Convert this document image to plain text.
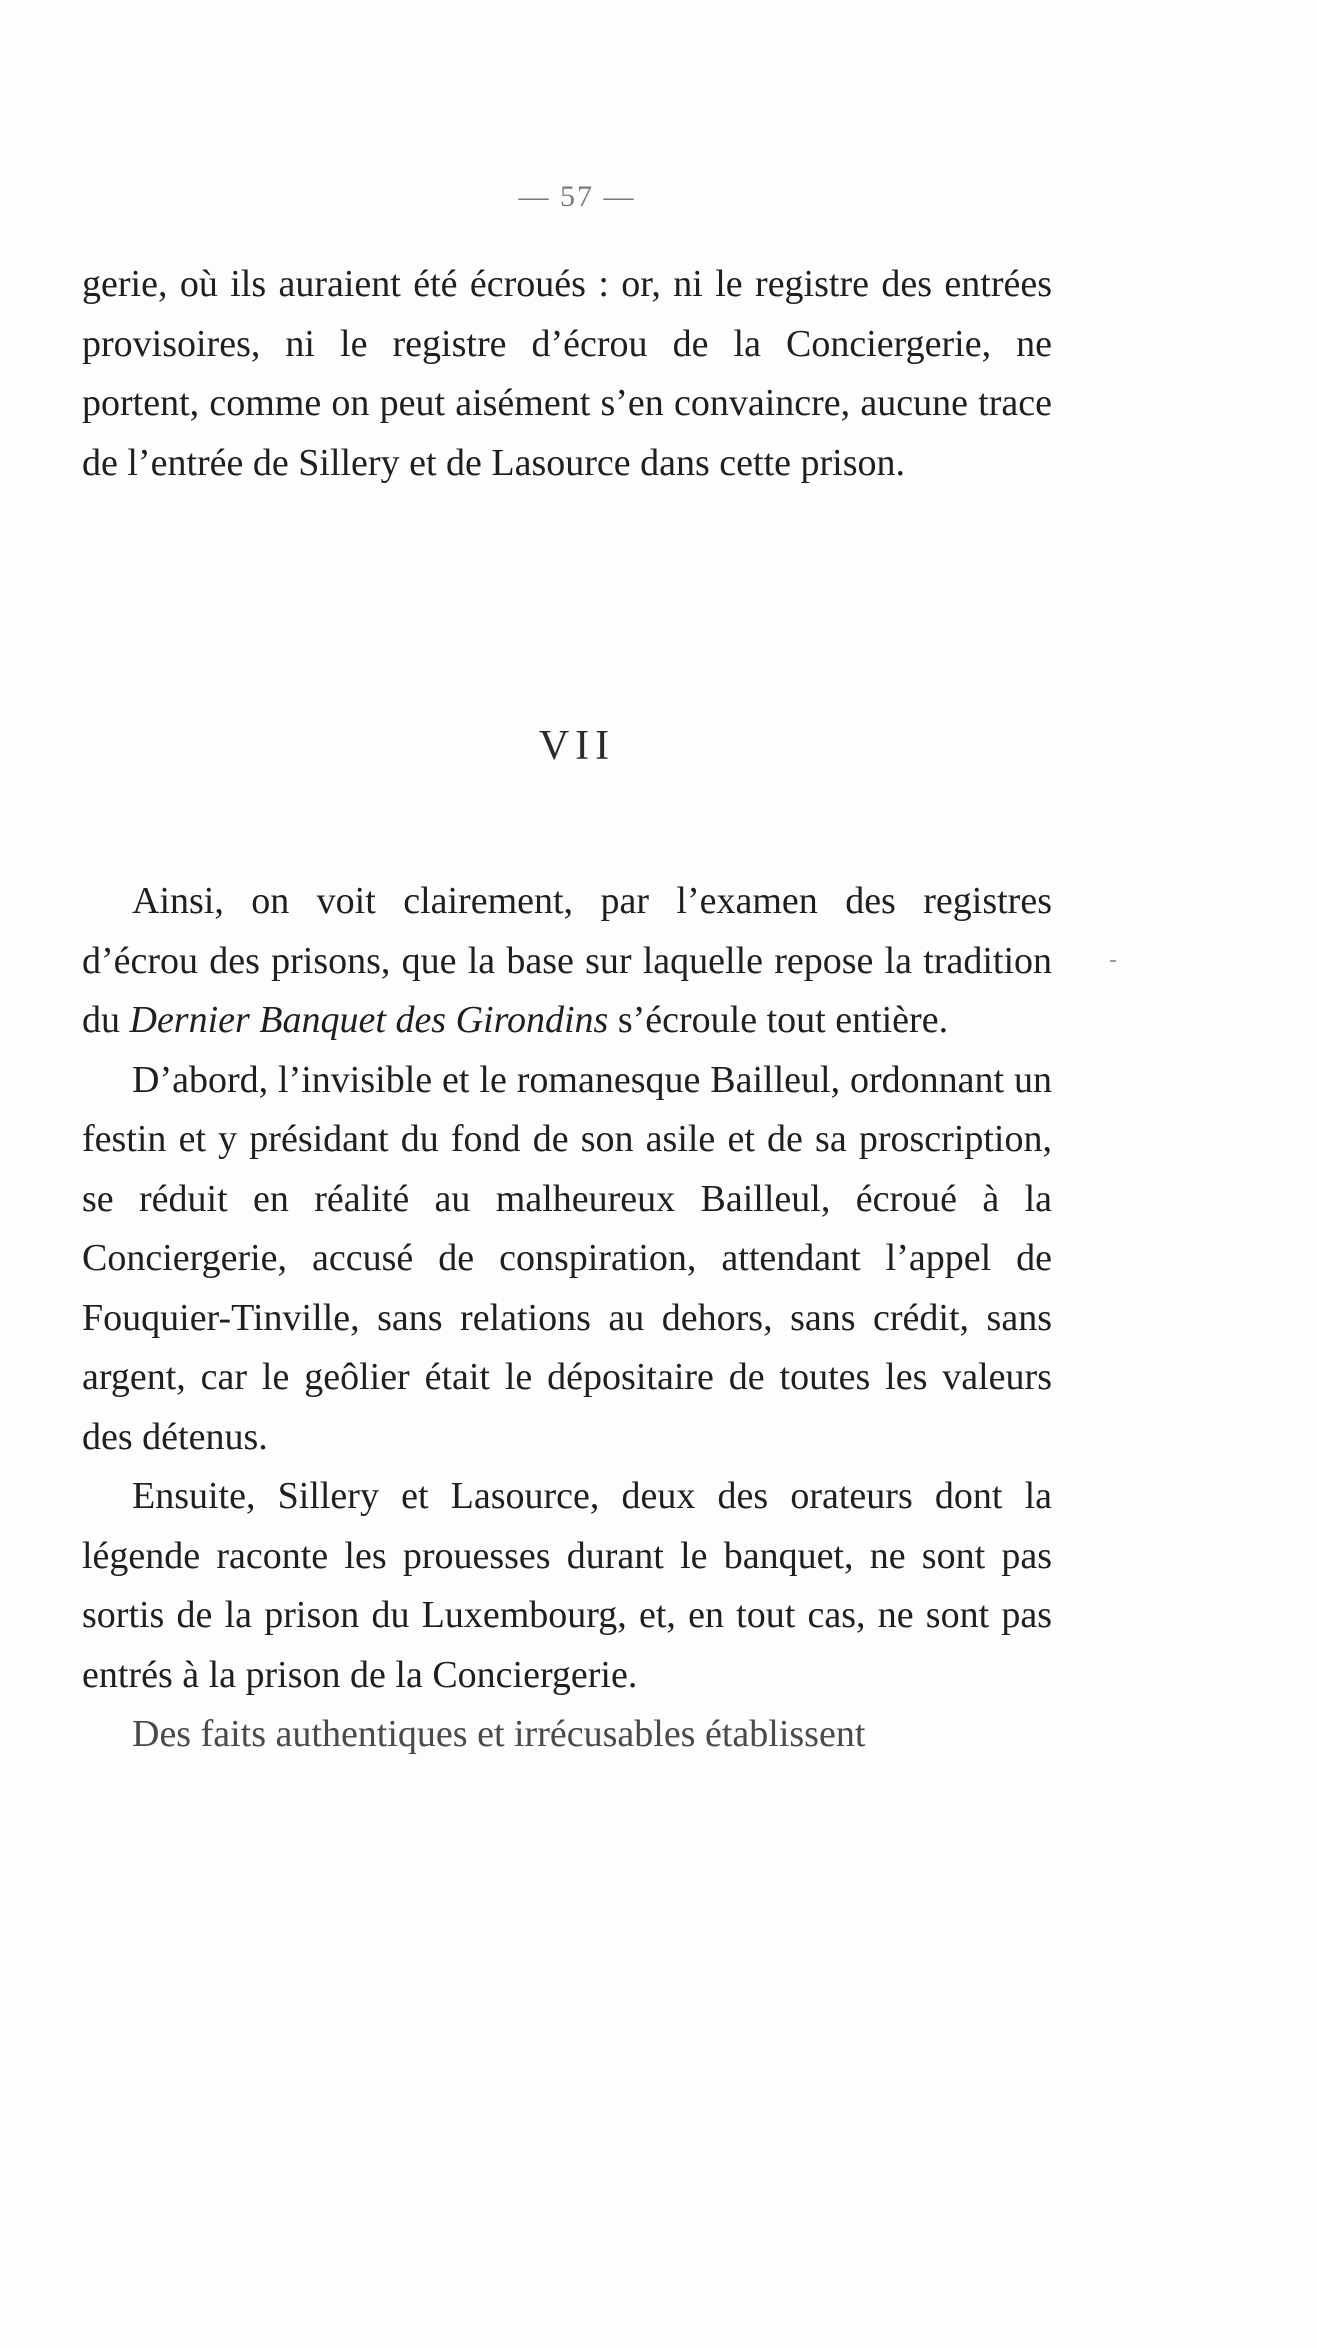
— 57 —

gerie, où ils auraient été écroués : or, ni le registre des entrées provisoires, ni le registre d’écrou de la Conciergerie, ne portent, comme on peut aisément s’en convaincre, aucune trace de l’entrée de Sillery et de Lasource dans cette prison.

VII

Ainsi, on voit clairement, par l’examen des registres d’écrou des prisons, que la base sur laquelle repose la tradition du Dernier Banquet des Girondins s’écroule tout entière.

D’abord, l’invisible et le romanesque Bailleul, ordonnant un festin et y présidant du fond de son asile et de sa proscription, se réduit en réalité au malheureux Bailleul, écroué à la Conciergerie, accusé de conspiration, attendant l’appel de Fouquier-Tinville, sans relations au dehors, sans crédit, sans argent, car le geôlier était le dépositaire de toutes les valeurs des détenus.

Ensuite, Sillery et Lasource, deux des orateurs dont la légende raconte les prouesses durant le banquet, ne sont pas sortis de la prison du Luxembourg, et, en tout cas, ne sont pas entrés à la prison de la Conciergerie.

Des faits authentiques et irrécusables établissent
